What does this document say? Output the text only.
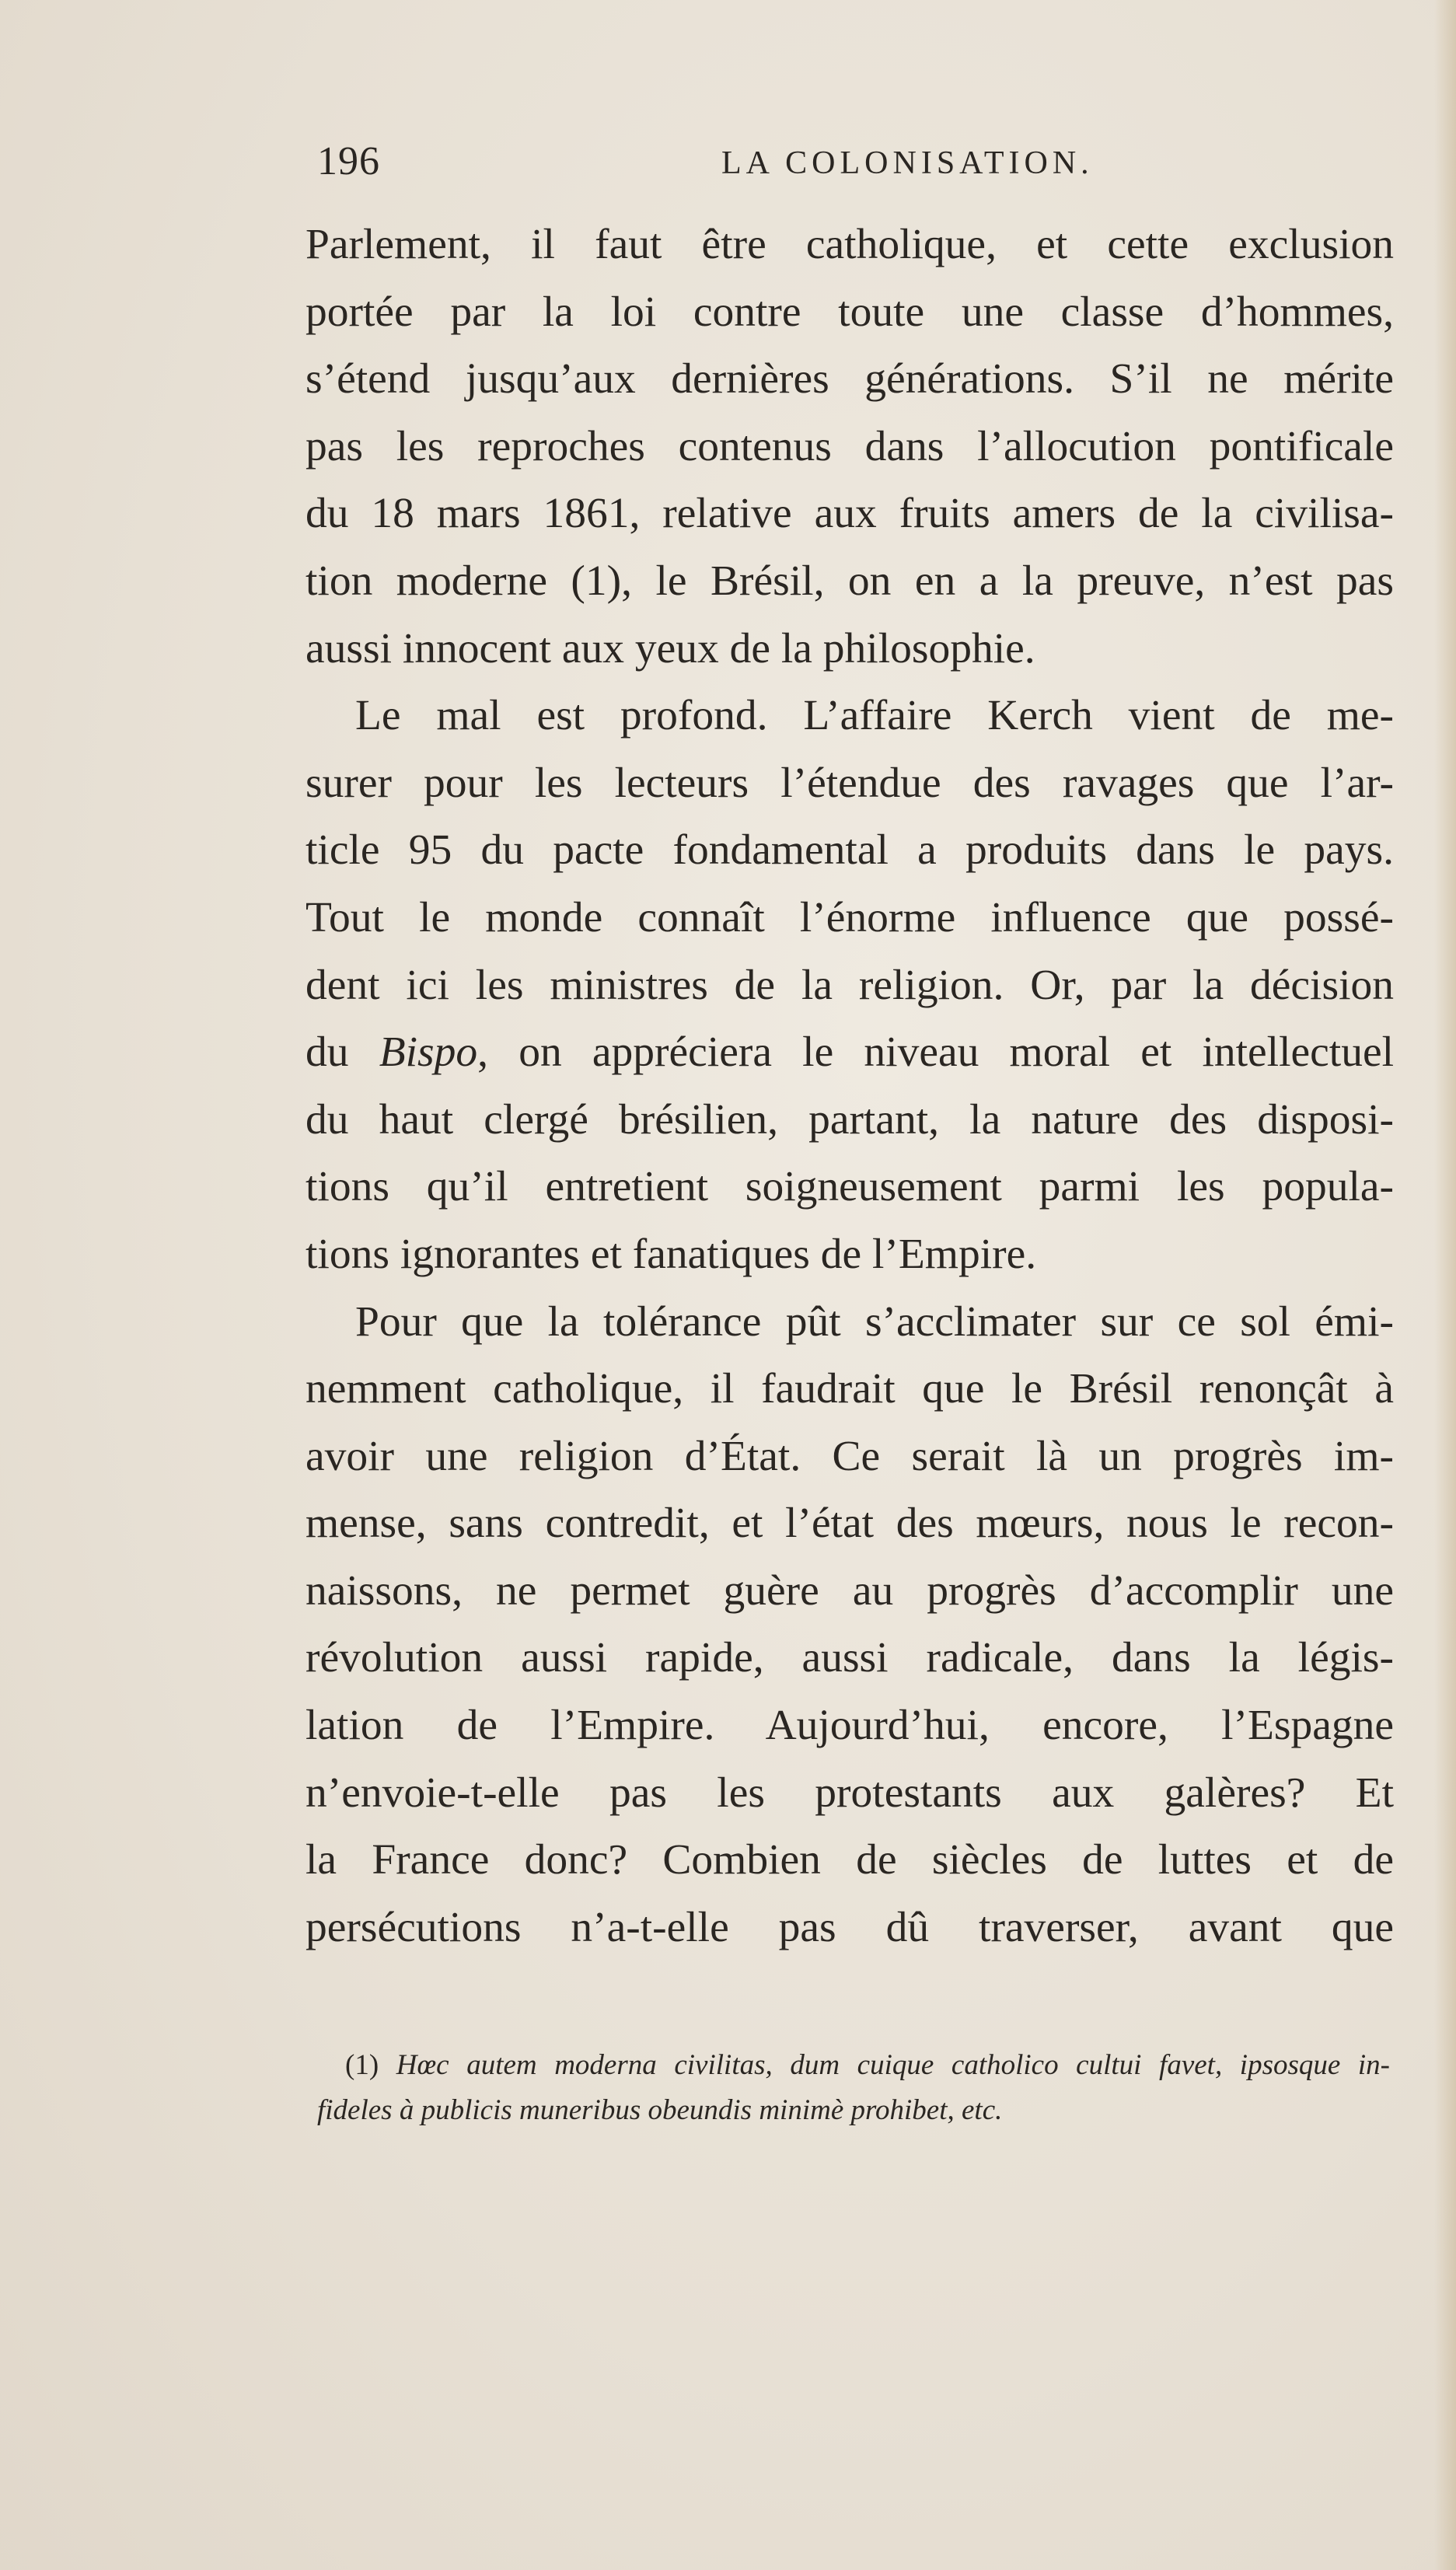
196	LA COLONISATION.
Parlement, il faut être catholique, et cette exclusion
portée par la loi contre toute une classe d’hommes,
s’étend jusqu’aux dernières générations. S’il ne mérite
pas les reproches contenus dans l’allocution pontificale
du 18 mars 1861, relative aux fruits amers de la civilisa-
tion moderne (1), le Brésil, on en a la preuve, n’est pas
aussi innocent aux yeux de la philosophie.
Le mal est profond. L’affaire Kerch vient de me-
surer pour les lecteurs l’étendue des ravages que l’ar-
ticle 95 du pacte fondamental a produits dans le pays.
Tout le monde connaît l’énorme influence que possé-
dent ici les ministres de la religion. Or, par la décision
du Bispo, on appréciera le niveau moral et intellectuel
du haut clergé brésilien, partant, la nature des disposi-
tions qu’il entretient soigneusement parmi les popula-
tions ignorantes et fanatiques de l’Empire.
Pour que la tolérance pût s’acclimater sur ce sol émi-
nemment catholique, il faudrait que le Brésil renonçât à
avoir une religion d’État. Ce serait là un progrès im-
mense, sans contredit, et l’état des mœurs, nous le recon-
naissons, ne permet guère au progrès d’accomplir une
révolution aussi rapide, aussi radicale, dans la légis-
lation de l’Empire. Aujourd’hui, encore, l’Espagne
n’envoie-t-elle pas les protestants aux galères? Et
la France donc? Combien de siècles de luttes et de
persécutions n’a-t-elle pas dû traverser, avant que
(1) Hœc autem moderna civilitas, dum cuique catholico cultui favet, ipsosque in-
fideles à publicis muneribus obeundis minimè prohibet, etc.
